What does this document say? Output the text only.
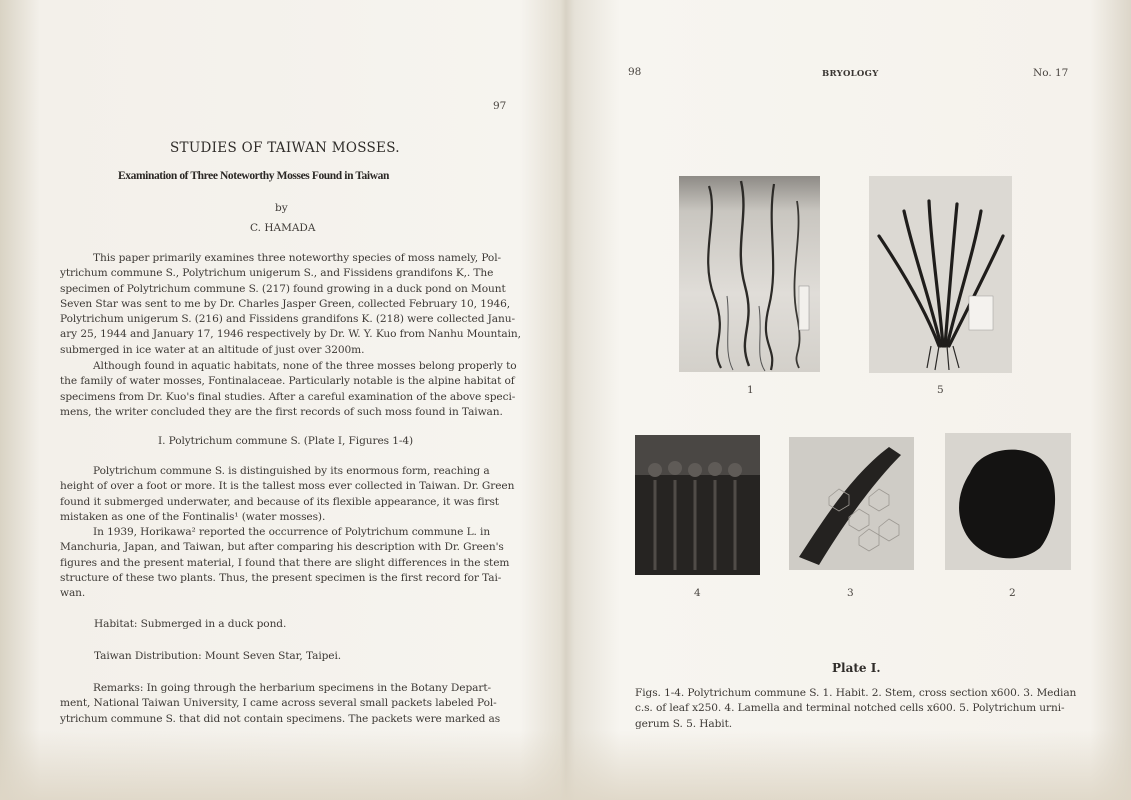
97
STUDIES OF TAIWAN MOSSES.
Examination of Three Noteworthy Mosses Found in Taiwan
by
C. HAMADA
This paper primarily examines three noteworthy species of moss namely, Pol-
ytrichum commune S., Polytrichum unigerum S., and Fissidens grandifons K,. The
specimen of Polytrichum commune S. (217) found growing in a duck pond on Mount
Seven Star was sent to me by Dr. Charles Jasper Green, collected February 10, 1946,
Polytrichum unigerum S. (216) and Fissidens grandifons K. (218) were collected Janu-
ary 25, 1944 and January 17, 1946 respectively by Dr. W. Y. Kuo from Nanhu Mountain,
submerged in ice water at an altitude of just over 3200m.
Although found in aquatic habitats, none of the three mosses belong properly to
the family of water mosses, Fontinalaceae. Particularly notable is the alpine habitat of
specimens from Dr. Kuo's final studies. After a careful examination of the above speci-
mens, the writer concluded they are the first records of such moss found in Taiwan.
I. Polytrichum commune S. (Plate I, Figures 1-4)
Polytrichum commune S. is distinguished by its enormous form, reaching a
height of over a foot or more. It is the tallest moss ever collected in Taiwan. Dr. Green
found it submerged underwater, and because of its flexible appearance, it was first
mistaken as one of the Fontinalis¹ (water mosses).
In 1939, Horikawa² reported the occurrence of Polytrichum commune L. in
Manchuria, Japan, and Taiwan, but after comparing his description with Dr. Green's
figures and the present material, I found that there are slight differences in the stem
structure of these two plants. Thus, the present specimen is the first record for Tai-
wan.
Habitat: Submerged in a duck pond.
Taiwan Distribution: Mount Seven Star, Taipei.
Remarks: In going through the herbarium specimens in the Botany Depart-
ment, National Taiwan University, I came across several small packets labeled Pol-
ytrichum commune S. that did not contain specimens. The packets were marked as
98	BRYOLOGY	No. 17
1	5
4	3	2
Plate I.
Figs. 1-4. Polytrichum commune S. 1. Habit. 2. Stem, cross section x600. 3. Median
c.s. of leaf x250. 4. Lamella and terminal notched cells x600. 5. Polytrichum urni-
gerum S. 5. Habit.
